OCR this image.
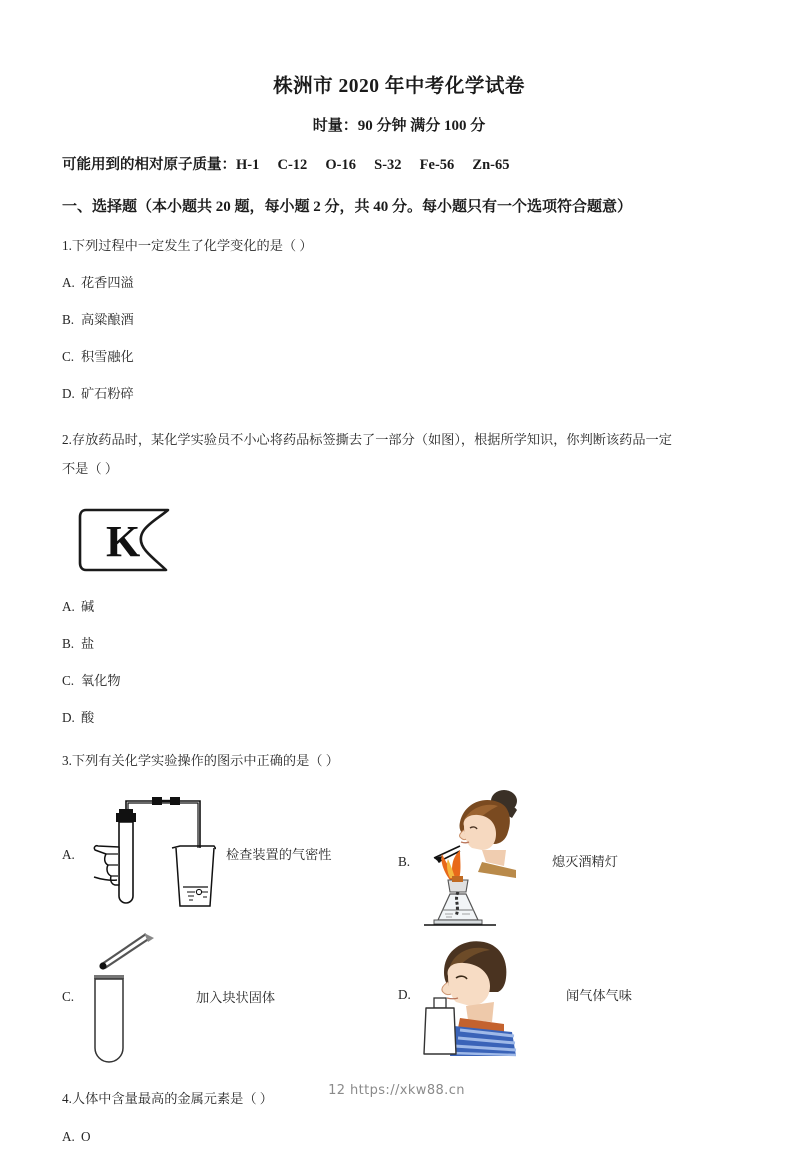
株洲市 2020 年中考化学试卷
时量：90 分钟 满分 100 分
可能用到的相对原子质量：H-1     C-12     O-16     S-32     Fe-56     Zn-65
一、选择题（本小题共 20 题，每小题 2 分，共 40 分。每小题只有一个选项符合题意）
1.下列过程中一定发生了化学变化的是（ ）
A. 花香四溢
B. 高粱酿酒
C. 积雪融化
D. 矿石粉碎
2.存放药品时，某化学实验员不小心将药品标签撕去了一部分（如图），根据所学知识，你判断该药品一定
不是（ ）
K
A. 碱
B. 盐
C. 氧化物
D. 酸
3.下列有关化学实验操作的图示中正确的是（ ）
A.	检查装置的气密性	B.	熄灭酒精灯
C.	加入块状固体	D.	闻气体气味
4.人体中含量最高的金属元素是（ ）
A. O
12 https://xkw88.cn
